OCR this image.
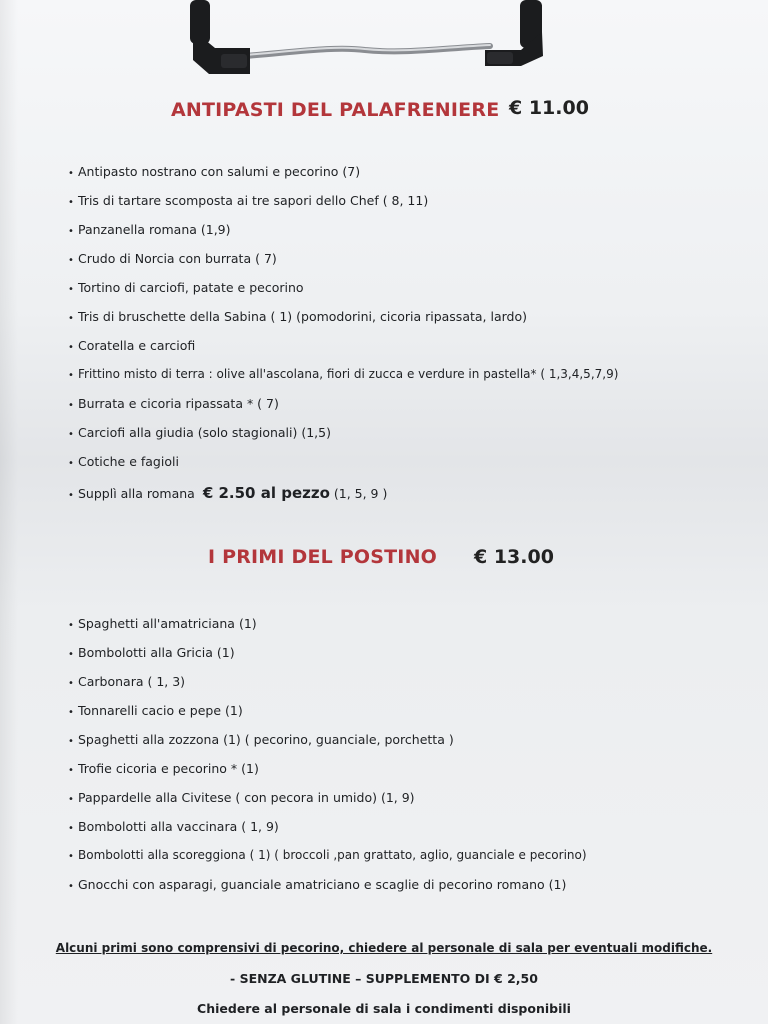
ANTIPASTI DEL PALAFRENIERE € 11.00
• Antipasto nostrano con salumi e pecorino (7)
• Tris di tartare scomposta ai tre sapori dello Chef ( 8, 11)
• Panzanella romana (1,9)
• Crudo di Norcia con burrata ( 7)
• Tortino di carciofi, patate e pecorino
• Tris di bruschette della Sabina ( 1) (pomodorini, cicoria ripassata, lardo)
• Coratella e carciofi
• Frittino misto di terra : olive all'ascolana, fiori di zucca e verdure in pastella* ( 1,3,4,5,7,9)
• Burrata e cicoria ripassata * ( 7)
• Carciofi alla giudia (solo stagionali) (1,5)
• Cotiche e fagioli
• Supplì alla romana € 2.50 al pezzo (1, 5, 9 )
I PRIMI DEL POSTINO € 13.00
• Spaghetti all'amatriciana (1)
• Bombolotti alla Gricia (1)
• Carbonara ( 1, 3)
• Tonnarelli cacio e pepe (1)
• Spaghetti alla zozzona (1) ( pecorino, guanciale, porchetta )
• Trofie cicoria e pecorino * (1)
• Pappardelle alla Civitese ( con pecora in umido) (1, 9)
• Bombolotti alla vaccinara ( 1, 9)
• Bombolotti alla scoreggiona ( 1) ( broccoli ,pan grattato, aglio, guanciale e pecorino)
• Gnocchi con asparagi, guanciale amatriciano e scaglie di pecorino romano (1)
Alcuni primi sono comprensivi di pecorino, chiedere al personale di sala per eventuali modifiche.
- SENZA GLUTINE – SUPPLEMENTO DI € 2,50
Chiedere al personale di sala i condimenti disponibili
